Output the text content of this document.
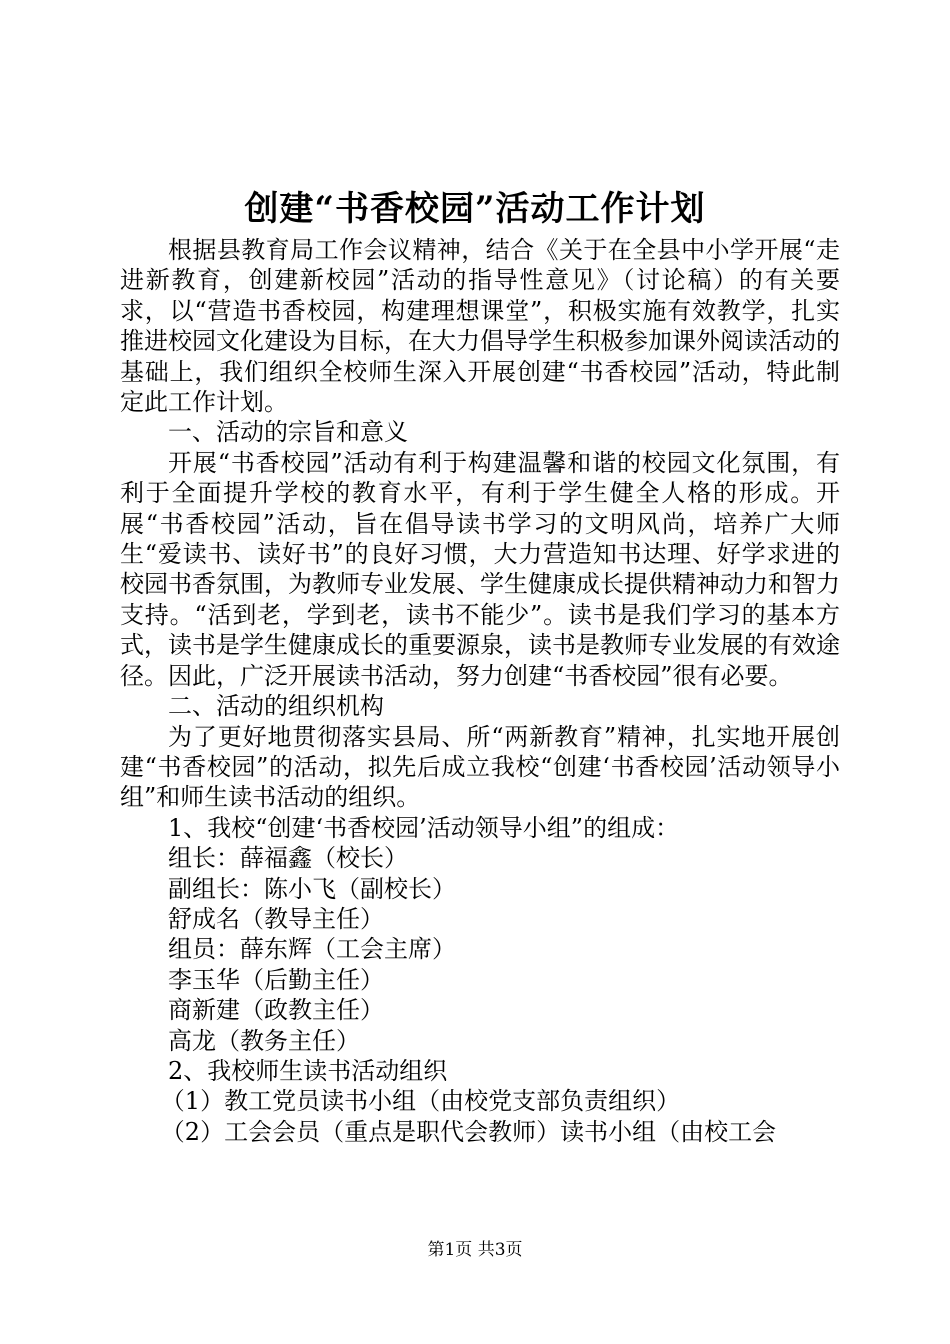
创建“书香校园”活动工作计划

根据县教育局工作会议精神，结合《关于在全县中小学开展“走进新教育，创建新校园”活动的指导性意见》（讨论稿）的有关要求，以“营造书香校园，构建理想课堂”，积极实施有效教学，扎实推进校园文化建设为目标，在大力倡导学生积极参加课外阅读活动的基础上，我们组织全校师生深入开展创建“书香校园”活动，特此制定此工作计划。

一、活动的宗旨和意义

开展“书香校园”活动有利于构建温馨和谐的校园文化氛围，有利于全面提升学校的教育水平，有利于学生健全人格的形成。开展“书香校园”活动，旨在倡导读书学习的文明风尚，培养广大师生“爱读书、读好书”的良好习惯，大力营造知书达理、好学求进的校园书香氛围，为教师专业发展、学生健康成长提供精神动力和智力支持。“活到老，学到老，读书不能少”。读书是我们学习的基本方式，读书是学生健康成长的重要源泉，读书是教师专业发展的有效途径。因此，广泛开展读书活动，努力创建“书香校园”很有必要。

二、活动的组织机构

为了更好地贯彻落实县局、所“两新教育”精神，扎实地开展创建“书香校园”的活动，拟先后成立我校“创建‘书香校园’活动领导小组”和师生读书活动的组织。

1、我校“创建‘书香校园’活动领导小组”的组成：

组长：薛福鑫（校长）

副组长：陈小飞（副校长）

舒成名（教导主任）

组员：薛东辉（工会主席）

李玉华（后勤主任）

商新建（政教主任）

高龙（教务主任）

2、我校师生读书活动组织

（1）教工党员读书小组（由校党支部负责组织）

（2）工会会员（重点是职代会教师）读书小组（由校工会

第1页 共3页
